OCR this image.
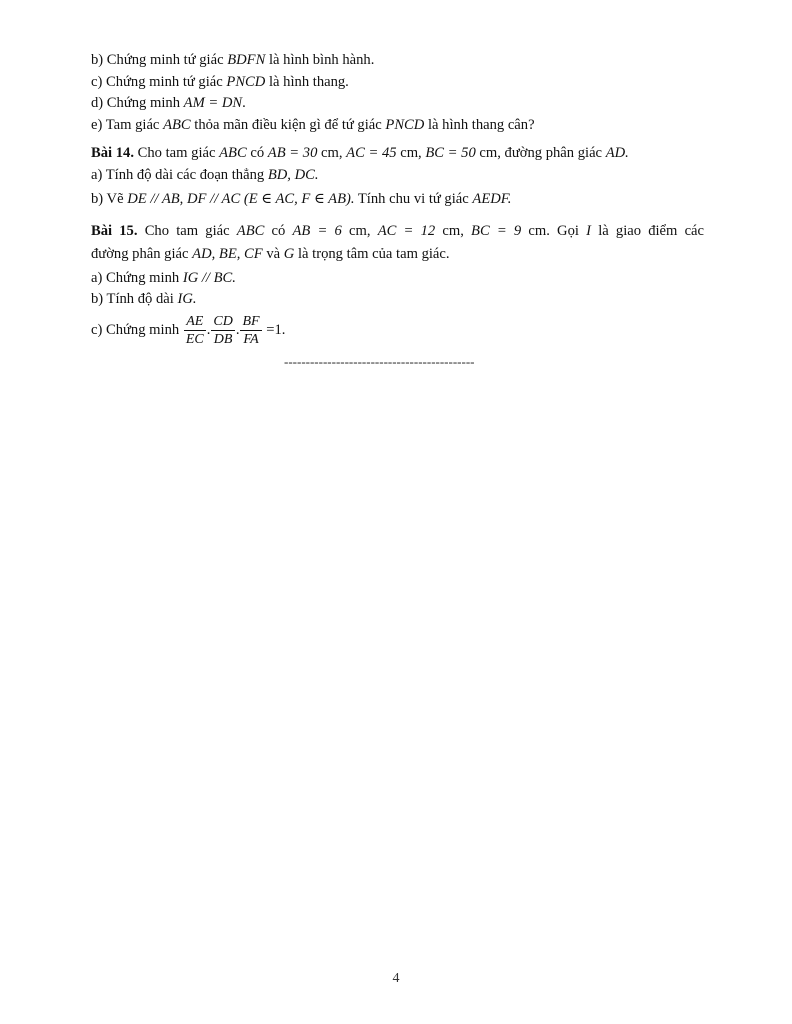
b) Chứng minh tứ giác BDFN là hình bình hành.
c) Chứng minh tứ giác PNCD là hình thang.
d) Chứng minh AM = DN.
e) Tam giác ABC thỏa mãn điều kiện gì để tứ giác PNCD là hình thang cân?
Bài 14. Cho tam giác ABC có AB = 30 cm, AC = 45 cm, BC = 50 cm, đường phân giác AD.
a) Tính độ dài các đoạn thẳng BD, DC.
b) Vẽ DE // AB, DF // AC (E ∈ AC, F ∈ AB). Tính chu vi tứ giác AEDF.
Bài 15. Cho tam giác ABC có AB = 6 cm, AC = 12 cm, BC = 9 cm. Gọi I là giao điểm các
đường phân giác AD, BE, CF và G là trọng tâm của tam giác.
a) Chứng minh IG // BC.
b) Tính độ dài IG.
c) Chứng minh $\frac{AE}{EC}$ . $\frac{CD}{DB}$ . $\frac{BF}{FA} =1$.
--------------------------------------------
4
